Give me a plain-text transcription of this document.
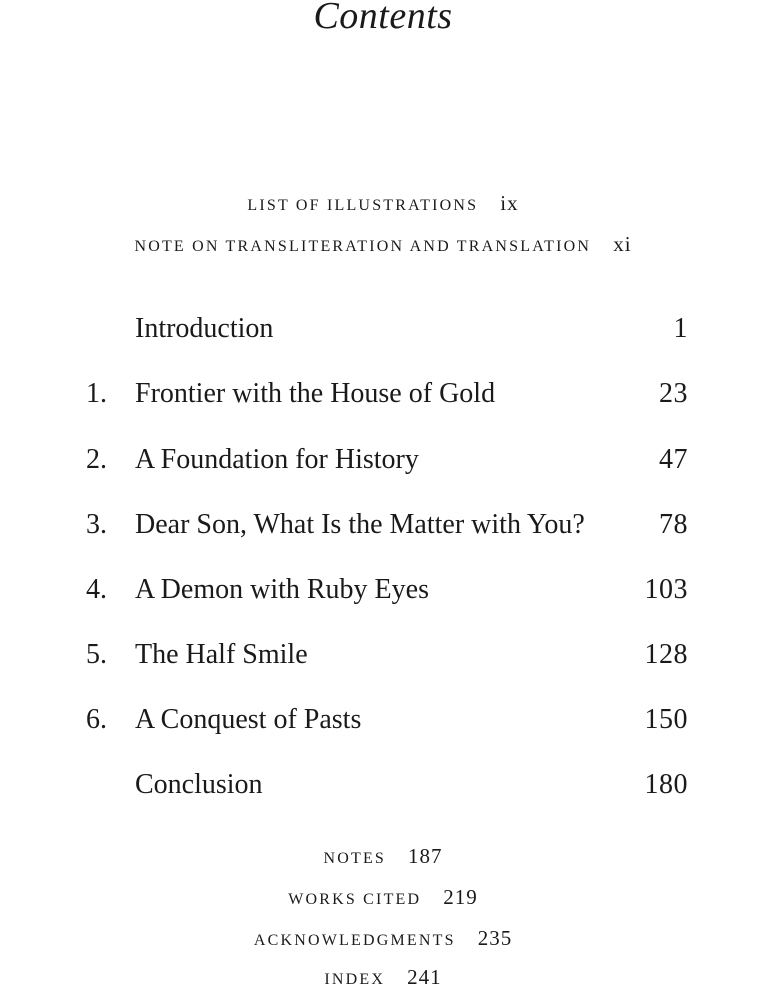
Contents
LIST OF ILLUSTRATIONS ix
NOTE ON TRANSLITERATION AND TRANSLATION xi
Introduction	1
1. Frontier with the House of Gold	23
2. A Foundation for History	47
3. Dear Son, What Is the Matter with You?	78
4. A Demon with Ruby Eyes	103
5. The Half Smile	128
6. A Conquest of Pasts	150
Conclusion	180
NOTES 187
WORKS CITED 219
ACKNOWLEDGMENTS 235
INDEX 241
